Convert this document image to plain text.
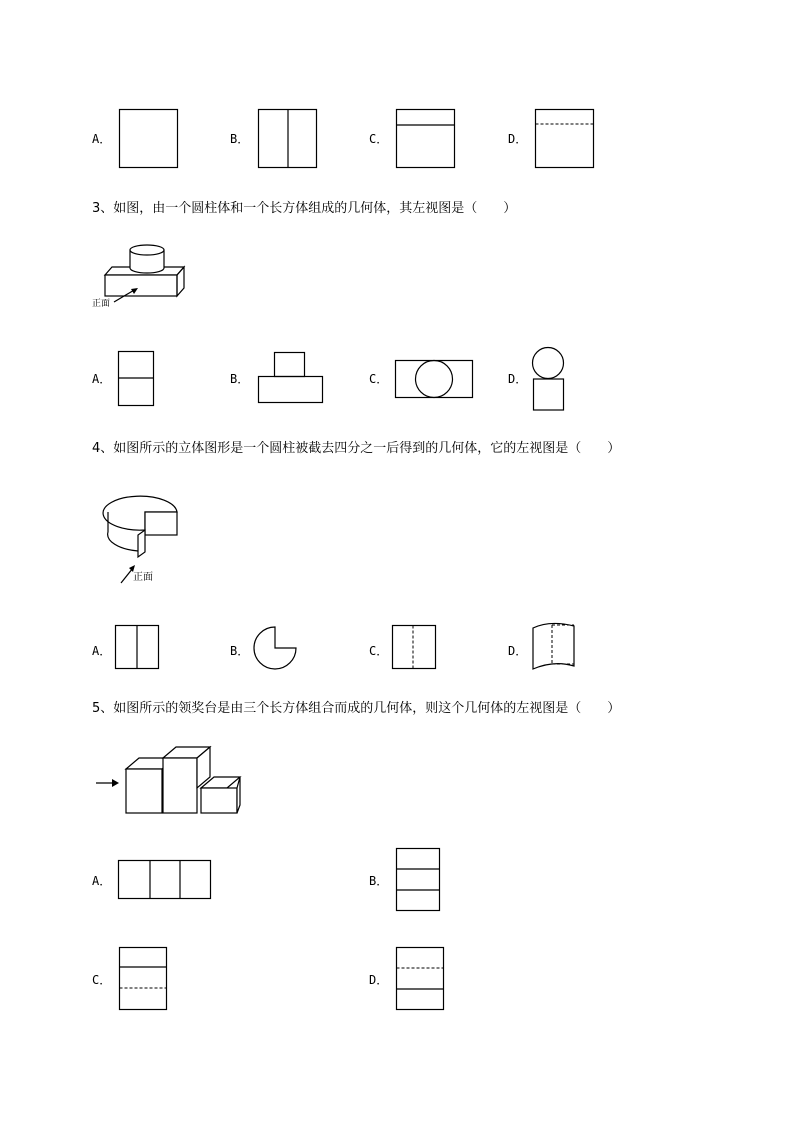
A．	B．	C．	D．
3、如图，由一个圆柱体和一个长方体组成的几何体，其左视图是（　　）
正面
A．	B．	C．	D．
4、如图所示的立体图形是一个圆柱被截去四分之一后得到的几何体，它的左视图是（　　）
正面
A．	B．	C．	D．
5、如图所示的领奖台是由三个长方体组合而成的几何体，则这个几何体的左视图是（　　）
A．	B．
C．	D．
